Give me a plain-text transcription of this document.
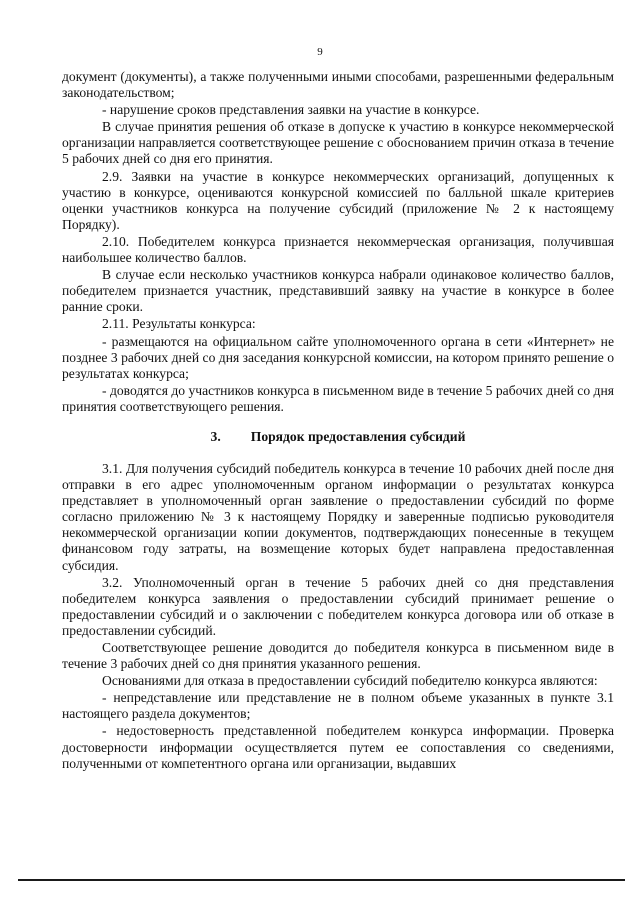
9

документ (документы), а также полученными иными способами, разрешенными федеральным законодательством;

- нарушение сроков представления заявки на участие в конкурсе.

В случае принятия решения об отказе в допуске к участию в конкурсе некоммерческой организации направляется соответствующее решение с обоснованием причин отказа в течение 5 рабочих дней со дня его принятия.

2.9. Заявки на участие в конкурсе некоммерческих организаций, допущенных к участию в конкурсе, оцениваются конкурсной комиссией по балльной шкале критериев оценки участников конкурса на получение субсидий (приложение № 2 к настоящему Порядку).

2.10. Победителем конкурса признается некоммерческая организация, получившая наибольшее количество баллов.

В случае если несколько участников конкурса набрали одинаковое количество баллов, победителем признается участник, представивший заявку на участие в конкурсе в более ранние сроки.

2.11. Результаты конкурса:

- размещаются на официальном сайте уполномоченного органа в сети «Интернет» не позднее 3 рабочих дней со дня заседания конкурсной комиссии, на котором принято решение о результатах конкурса;

- доводятся до участников конкурса в письменном виде в течение 5 рабочих дней со дня принятия соответствующего решения.

3. Порядок предоставления субсидий

3.1. Для получения субсидий победитель конкурса в течение 10 рабочих дней после дня отправки в его адрес уполномоченным органом информации о результатах конкурса представляет в уполномоченный орган заявление о предоставлении субсидий по форме согласно приложению № 3 к настоящему Порядку и заверенные подписью руководителя некоммерческой организации копии документов, подтверждающих понесенные в текущем финансовом году затраты, на возмещение которых будет направлена предоставленная субсидия.

3.2. Уполномоченный орган в течение 5 рабочих дней со дня представления победителем конкурса заявления о предоставлении субсидий принимает решение о предоставлении субсидий и о заключении с победителем конкурса договора или об отказе в предоставлении субсидий.

Соответствующее решение доводится до победителя конкурса в письменном виде в течение 3 рабочих дней со дня принятия указанного решения.

Основаниями для отказа в предоставлении субсидий победителю конкурса являются:

- непредставление или представление не в полном объеме указанных в пункте 3.1 настоящего раздела документов;

- недостоверность представленной победителем конкурса информации. Проверка достоверности информации осуществляется путем ее сопоставления со сведениями, полученными от компетентного органа или организации, выдавших
